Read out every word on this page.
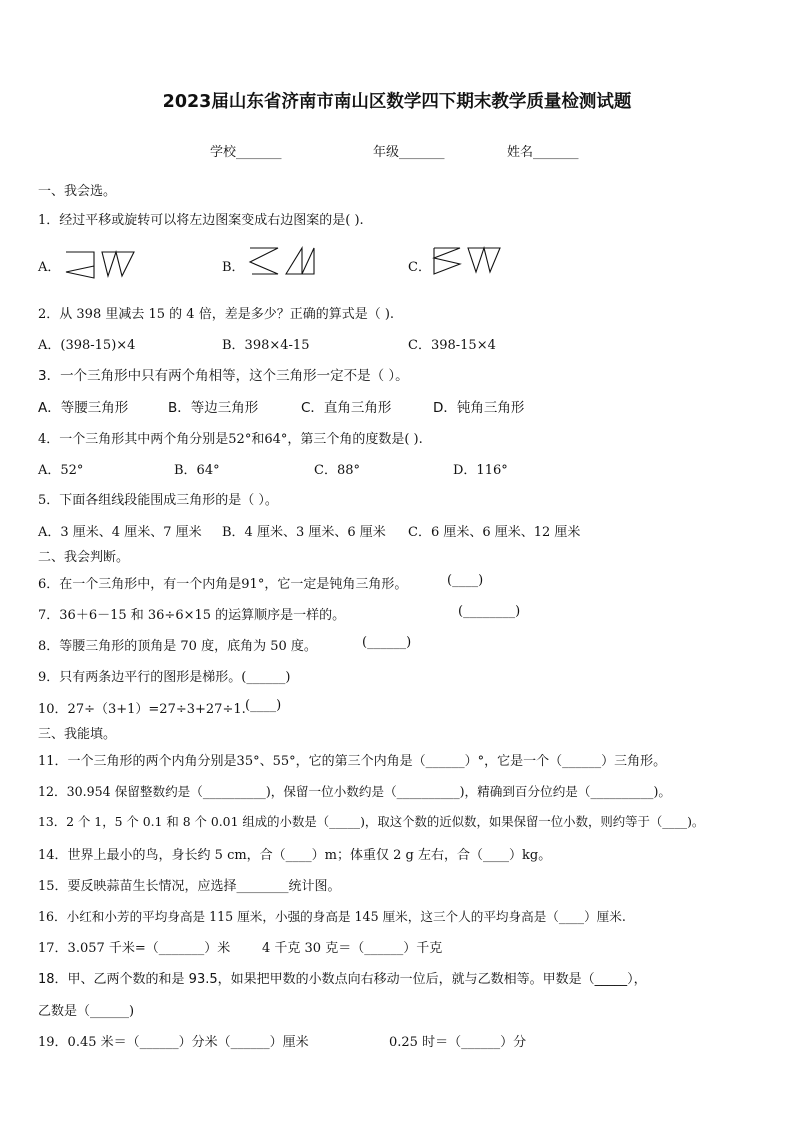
2023届山东省济南市南山区数学四下期末教学质量检测试题
学校_______	年级_______	姓名_______
一、我会选。
1．经过平移或旋转可以将左边图案变成右边图案的是( ).
A．	B．	C．
2．从 398 里减去 15 的 4 倍，差是多少？正确的算式是（ ).
A．(398-15)×4	B．398×4-15	C．398-15×4
3．一个三角形中只有两个角相等，这个三角形一定不是（ ）。
A．等腰三角形	B．等边三角形	C．直角三角形	D．钝角三角形
4．一个三角形其中两个角分别是52°和64°，第三个角的度数是( ).
A．52°	B．64°	C．88°	D．116°
5．下面各组线段能围成三角形的是（ ）。
A．3 厘米、4 厘米、7 厘米 B．4 厘米、3 厘米、6 厘米 C．6 厘米、6 厘米、12 厘米
二、我会判断。
6．在一个三角形中，有一个内角是91°，它一定是钝角三角形。	(____)
7．36＋6－15 和 36÷6×15 的运算顺序是一样的。	(________)
8．等腰三角形的顶角是 70 度，底角为 50 度。	(______)
9．只有两条边平行的图形是梯形。(______)
10．27÷（3+1）=27÷3+27÷1. (____)
三、我能填。
11．一个三角形的两个内角分别是35°、55°，它的第三个内角是（______）°，它是一个（______）三角形。
12．30.954 保留整数约是（__________)，保留一位小数约是（__________)，精确到百分位约是（__________)。
13．2 个 1，5 个 0.1 和 8 个 0.01 组成的小数是（_____)，取这个数的近似数，如果保留一位小数，则约等于（____)。
14．世界上最小的鸟，身长约 5 cm，合（____）m；体重仅 2 g 左右，合（____）kg。
15．要反映蒜苗生长情况，应选择________统计图。
16．小红和小芳的平均身高是 115 厘米，小强的身高是 145 厘米，这三个人的平均身高是（____）厘米.
17．3.057 千米=（_______）米 4 千克 30 克＝（______）千克
18．甲、乙两个数的和是 93.5，如果把甲数的小数点向右移动一位后，就与乙数相等。甲数是（_____），
乙数是（______)
19．0.45 米＝（______）分米（______）厘米	0.25 时＝（______）分
